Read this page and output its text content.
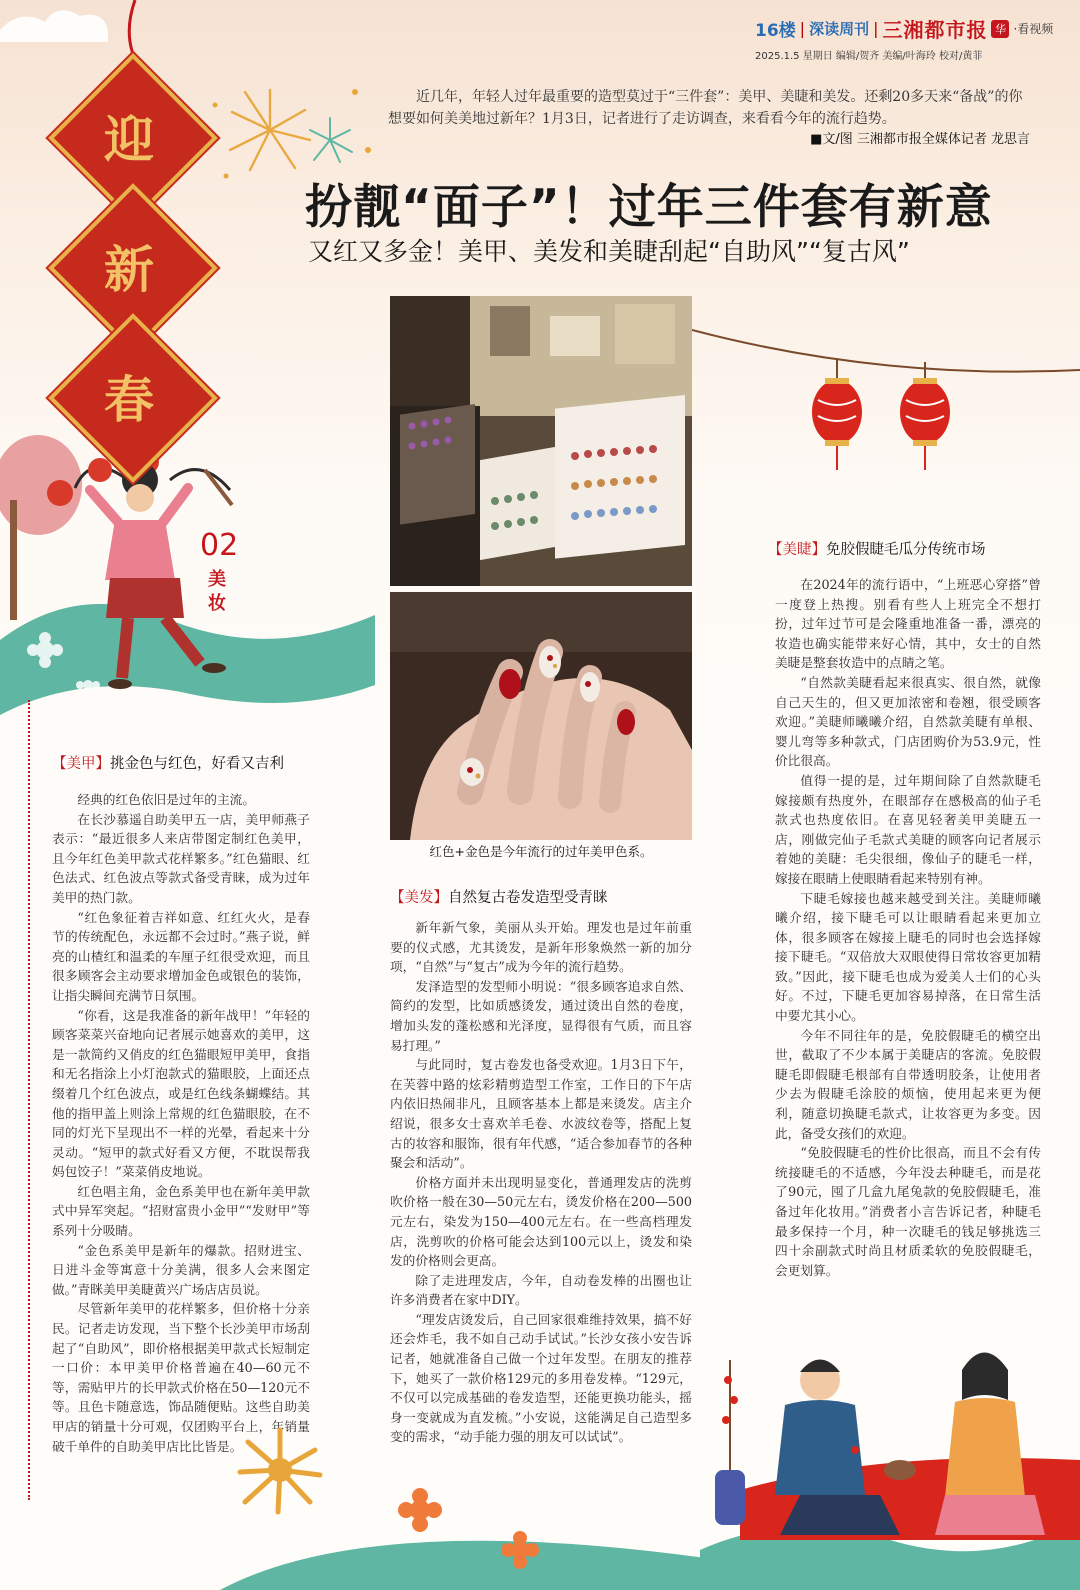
迎
新
春
16楼 | 深读周刊 | 三湘都市报 华 ·看视频
2025.1.5 星期日 编辑/贺齐 美编/叶海玲 校对/黄菲
近几年，年轻人过年最重要的造型莫过于“三件套”：美甲、美睫和美发。还剩20多天来“备战”的你想要如何美美地过新年？1月3日，记者进行了走访调查，来看看今年的流行趋势。
■文/图 三湘都市报全媒体记者 龙思言
扮靓“面子”！过年三件套有新意
又红又多金！美甲、美发和美睫刮起“自助风”“复古风”
红色+金色是今年流行的过年美甲色系。
02
美妆
【美甲】挑金色与红色，好看又吉利

经典的红色依旧是过年的主流。

在长沙慕遥自助美甲五一店，美甲师燕子表示：“最近很多人来店带图定制红色美甲，且今年红色美甲款式花样繁多。”红色猫眼、红色法式、红色波点等款式备受青睐，成为过年美甲的热门款。

“红色象征着吉祥如意、红红火火，是春节的传统配色，永远都不会过时。”燕子说，鲜亮的山楂红和温柔的车厘子红很受欢迎，而且很多顾客会主动要求增加金色或银色的装饰，让指尖瞬间充满节日氛围。

“你看，这是我准备的新年战甲！”年轻的顾客菜菜兴奋地向记者展示她喜欢的美甲，这是一款简约又俏皮的红色猫眼短甲美甲，食指和无名指涂上小灯泡款式的猫眼胶，上面还点缀着几个红色波点，或是红色线条蝴蝶结。其他的指甲盖上则涂上常规的红色猫眼胶，在不同的灯光下呈现出不一样的光晕，看起来十分灵动。“短甲的款式好看又方便，不耽误帮我妈包饺子！”菜菜俏皮地说。

红色唱主角，金色系美甲也在新年美甲款式中异军突起。“招财富贵小金甲”“发财甲”等系列十分吸睛。

“金色系美甲是新年的爆款。招财进宝、日进斗金等寓意十分美满，很多人会来图定做。”青眯美甲美睫黄兴广场店店员说。

尽管新年美甲的花样繁多，但价格十分亲民。记者走访发现，当下整个长沙美甲市场刮起了“自助风”，即价格根据美甲款式长短制定一口价：本甲美甲价格普遍在40—60元不等，需贴甲片的长甲款式价格在50—120元不等。且色卡随意选，饰品随便贴。这些自助美甲店的销量十分可观，仅团购平台上，年销量破千单件的自助美甲店比比皆是。

【美发】自然复古卷发造型受青睐

新年新气象，美丽从头开始。理发也是过年前重要的仪式感，尤其烫发，是新年形象焕然一新的加分项，“自然”与“复古”成为今年的流行趋势。

发泽造型的发型师小明说：“很多顾客追求自然、简约的发型，比如质感烫发，通过烫出自然的卷度，增加头发的蓬松感和光泽度，显得很有气质，而且容易打理。”

与此同时，复古卷发也备受欢迎。1月3日下午，在芙蓉中路的炫彩精剪造型工作室，工作日的下午店内依旧热闹非凡，且顾客基本上都是来烫发。店主介绍说，很多女士喜欢羊毛卷、水波纹卷等，搭配上复古的妆容和服饰，很有年代感，“适合参加春节的各种聚会和活动”。

价格方面并未出现明显变化，普通理发店的洗剪吹价格一般在30—50元左右，烫发价格在200—500元左右，染发为150—400元左右。在一些高档理发店，洗剪吹的价格可能会达到100元以上，烫发和染发的价格则会更高。

除了走进理发店，今年，自动卷发棒的出圈也让许多消费者在家中DIY。

“理发店烫发后，自己回家很难维持效果，搞不好还会炸毛，我不如自己动手试试。”长沙女孩小安告诉记者，她就准备自己做一个过年发型。在朋友的推荐下，她买了一款价格129元的多用卷发棒。“129元，不仅可以完成基础的卷发造型，还能更换功能头，摇身一变就成为直发梳。”小安说，这能满足自己造型多变的需求，“动手能力强的朋友可以试试”。

【美睫】免胶假睫毛瓜分传统市场

在2024年的流行语中，“上班恶心穿搭”曾一度登上热搜。别看有些人上班完全不想打扮，过年过节可是会隆重地准备一番，漂亮的妆造也确实能带来好心情，其中，女士的自然美睫是整套妆造中的点睛之笔。

“自然款美睫看起来很真实、很自然，就像自己天生的，但又更加浓密和卷翘，很受顾客欢迎。”美睫师曦曦介绍，自然款美睫有单根、婴儿弯等多种款式，门店团购价为53.9元，性价比很高。

值得一提的是，过年期间除了自然款睫毛嫁接颇有热度外，在眼部存在感极高的仙子毛款式也热度依旧。在喜见轻奢美甲美睫五一店，刚做完仙子毛款式美睫的顾客向记者展示着她的美睫：毛尖很细，像仙子的睫毛一样，嫁接在眼睛上使眼睛看起来特别有神。

下睫毛嫁接也越来越受到关注。美睫师曦曦介绍，接下睫毛可以让眼睛看起来更加立体，很多顾客在嫁接上睫毛的同时也会选择嫁接下睫毛。“双倍放大双眼使得日常妆容更加精致。”因此，接下睫毛也成为爱美人士们的心头好。不过，下睫毛更加容易掉落，在日常生活中要尤其小心。

今年不同往年的是，免胶假睫毛的横空出世，截取了不少本属于美睫店的客流。免胶假睫毛即假睫毛根部有自带透明胶条，让使用者少去为假睫毛涂胶的烦恼，使用起来更为便利，随意切换睫毛款式，让妆容更为多变。因此，备受女孩们的欢迎。

“免胶假睫毛的性价比很高，而且不会有传统接睫毛的不适感，今年没去种睫毛，而是花了90元，囤了几盒九尾兔款的免胶假睫毛，准备过年化妆用。”消费者小言告诉记者，种睫毛最多保持一个月，种一次睫毛的钱足够挑选三四十余副款式时尚且材质柔软的免胶假睫毛，会更划算。
